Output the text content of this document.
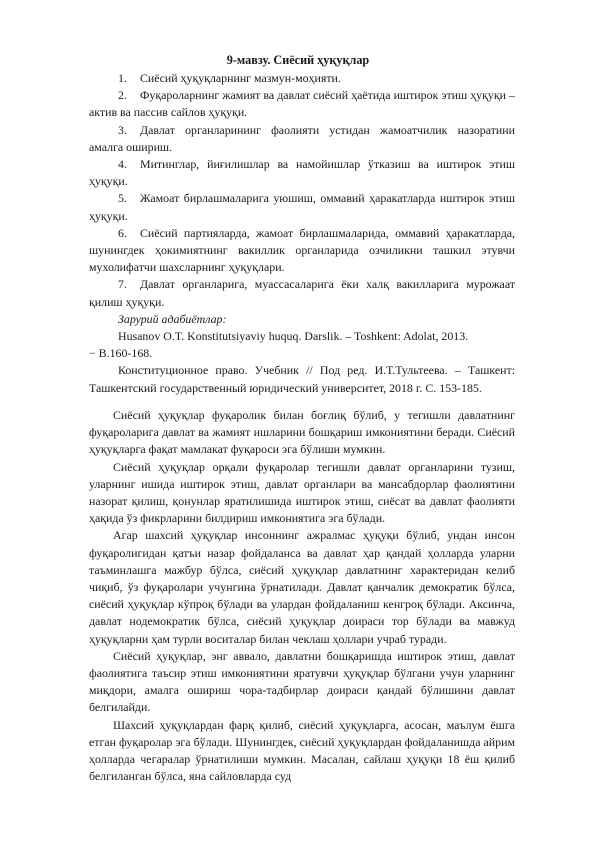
9-мавзу. Сиёсий ҳуқуқлар
1. Сиёсий ҳуқуқларнинг мазмун-моҳияти.
2. Фуқароларнинг жамият ва давлат сиёсий ҳаётида иштирок этиш ҳуқуқи – актив ва пассив сайлов ҳуқуқи.
3. Давлат органларининг фаолияти устидан жамоатчилик назоратини амалга ошириш.
4. Митинглар, йиғилишлар ва намойишлар ўтказиш ва иштирок этиш ҳуқуқи.
5. Жамоат бирлашмаларига уюшиш, оммавий ҳаракатларда иштирок этиш ҳуқуқи.
6. Сиёсий партияларда, жамоат бирлашмаларида, оммавий ҳаракатларда, шунингдек ҳокимиятнинг вакиллик органларида озчиликни ташкил этувчи мухолифатчи шахсларнинг ҳуқуқлари.
7. Давлат органларига, муассасаларига ёки халқ вакилларига мурожаат қилиш ҳуқуқи.
Зарурий адабиётлар:
Husanov O.T. Konstitutsiyaviy huquq. Darslik. – Toshkent: Adolat, 2013.
− B.160-168.
Конституционное право. Учебник // Под ред. И.Т.Тультеева. – Ташкент: Ташкентский государственный юридический университет, 2018 г. С. 153-185.

Сиёсий ҳуқуқлар фуқаролик билан боғлиқ бўлиб, у тегишли давлатнинг фуқароларига давлат ва жамият ишларини бошқариш имкониятини беради. Сиёсий ҳуқуқларга фақат мамлакат фуқароси эга бўлиши мумкин.

Сиёсий ҳуқуқлар орқали фуқаролар тегишли давлат органларини тузиш, уларнинг ишида иштирок этиш, давлат органлари ва мансабдорлар фаолиятини назорат қилиш, қонунлар яратилишида иштирок этиш, сиёсат ва давлат фаолияти ҳақида ўз фикрларини билдириш имкониятига эга бўлади.

Агар шахсий ҳуқуқлар инсоннинг ажралмас ҳуқуқи бўлиб, ундан инсон фуқаролигидан қатъи назар фойдаланса ва давлат ҳар қандай ҳолларда уларни таъминлашга мажбур бўлса, сиёсий ҳуқуқлар давлатнинг характеридан келиб чиқиб, ўз фуқаролари учунгина ўрнатилади. Давлат қанчалик демократик бўлса, сиёсий ҳуқуқлар кўпроқ бўлади ва улардан фойдаланиш кенгроқ бўлади. Аксинча, давлат нодемократик бўлса, сиёсий ҳуқуқлар доираси тор бўлади ва мавжуд ҳуқуқларни ҳам турли воситалар билан чеклаш ҳоллари учраб туради.

Сиёсий ҳуқуқлар, энг аввало, давлатни бошқаришда иштирок этиш, давлат фаолиятига таъсир этиш имкониятини яратувчи ҳуқуқлар бўлгани учун уларнинг миқдори, амалга ошириш чора-тадбирлар доираси қандай бўлишини давлат белгилайди.

Шахсий ҳуқуқлардан фарқ қилиб, сиёсий ҳуқуқларга, асосан, маълум ёшга етган фуқаролар эга бўлади. Шунингдек, сиёсий ҳуқуқлардан фойдаланишда айрим ҳолларда чегаралар ўрнатилиши мумкин. Масалан, сайлаш ҳуқуқи 18 ёш қилиб белгиланган бўлса, яна сайловларда суд
